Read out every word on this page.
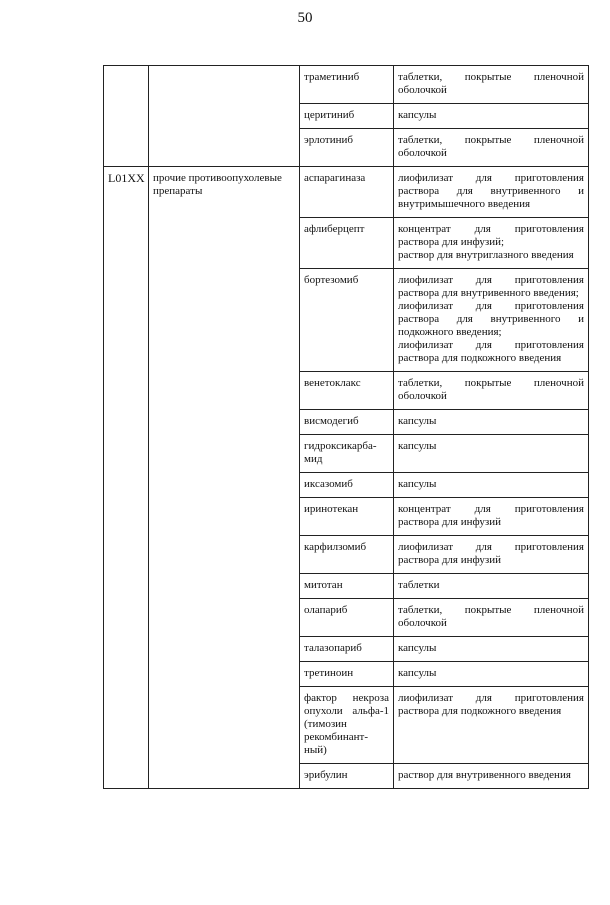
50
		траметиниб	таблетки, покрытые пленочной оболочкой

		церитиниб	капсулы

		эрлотиниб	таблетки, покрытые пленочной оболочкой

L01XX	прочие противоопухолевые препараты	аспарагиназа	лиофилизат для приготовления раствора для внутривенного и внутримышечного введения

		афлиберцепт	концентрат для приготовления раствора для инфузий;
раствор для внутриглазного введения

		бортезомиб	лиофилизат для приготовления раствора для внутривенного введения;
лиофилизат для приготовления раствора для внутривенного и подкожного введения;
лиофилизат для приготовления раствора для подкожного введения

		венетоклакс	таблетки, покрытые пленочной оболочкой

		висмодегиб	капсулы

		гидроксикарба-мид	капсулы

		иксазомиб	капсулы

		иринотекан	концентрат для приготовления раствора для инфузий

		карфилзомиб	лиофилизат для приготовления раствора для инфузий

		митотан	таблетки

		олапариб	таблетки, покрытые пленочной оболочкой

		талазопариб	капсулы

		третиноин	капсулы

		фактор некроза опухоли альфа-1 (тимозин рекомбинант-ный)	лиофилизат для приготовления раствора для подкожного введения

		эрибулин	раствор для внутривенного введения
